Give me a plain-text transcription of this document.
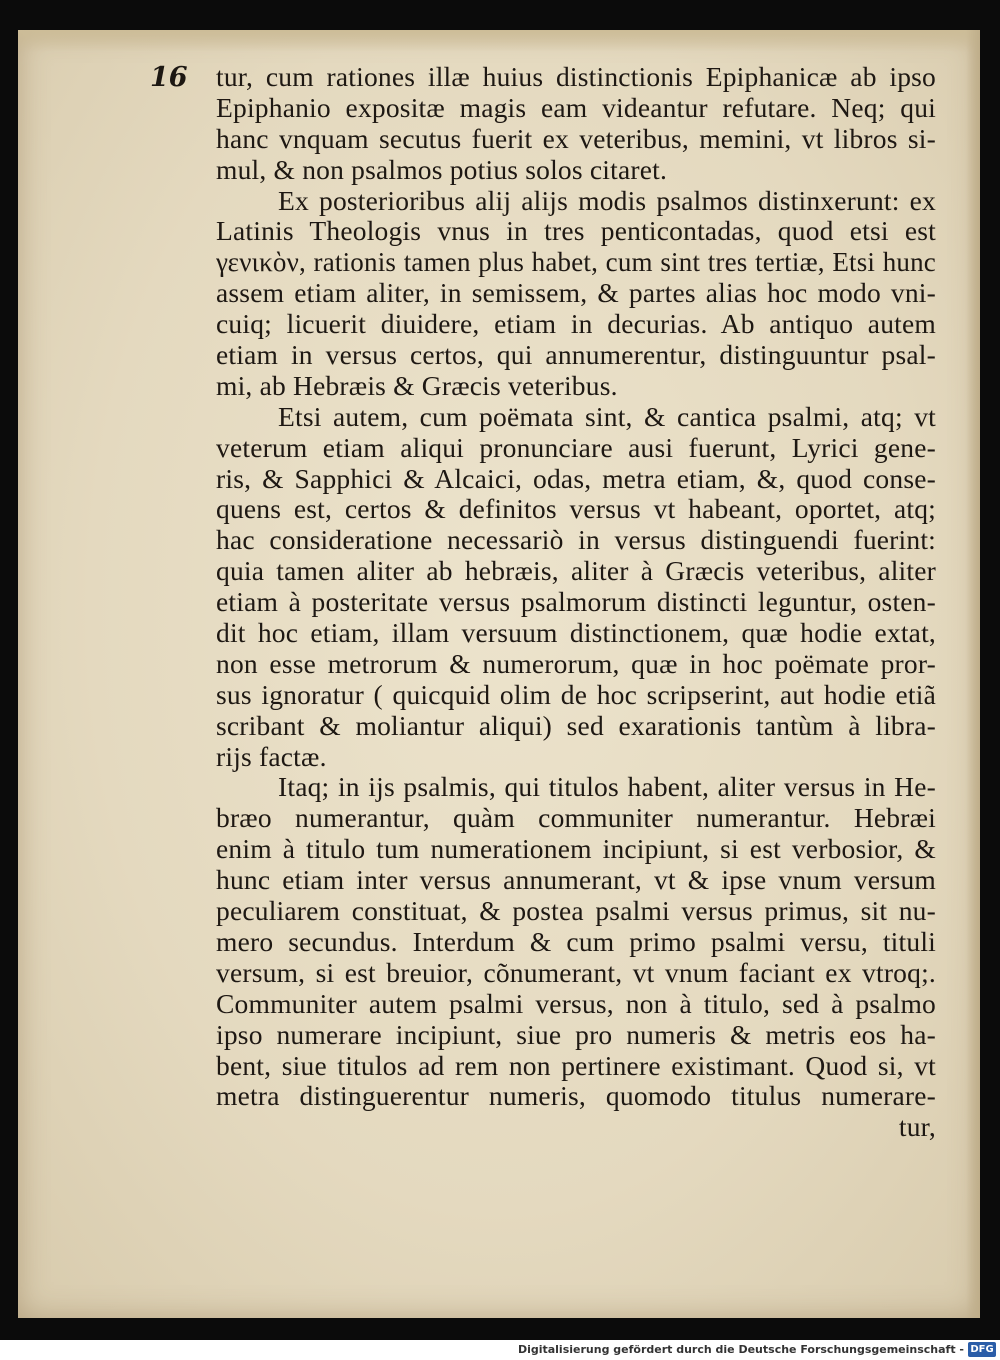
16 tur, cum rationes illæ huius distinctionis Epiphanicæ ab ipso
Epiphanio expositæ magis eam videantur refutare. Neq; qui
hanc vnquam secutus fuerit ex veteribus, memini, vt libros si-
mul, & non psalmos potius solos citaret.
Ex posterioribus alij alijs modis psalmos distinxerunt: ex
Latinis Theologis vnus in tres penticontadas, quod etsi est
γενικὸν, rationis tamen plus habet, cum sint tres tertiæ, Etsi hunc
assem etiam aliter, in semissem, & partes alias hoc modo vni-
cuiq; licuerit diuidere, etiam in decurias. Ab antiquo autem
etiam in versus certos, qui annumerentur, distinguuntur psal-
mi, ab Hebræis & Græcis veteribus.
Etsi autem, cum poëmata sint, & cantica psalmi, atq; vt
veterum etiam aliqui pronunciare ausi fuerunt, Lyrici gene-
ris, & Sapphici & Alcaici, odas, metra etiam, &, quod conse-
quens est, certos & definitos versus vt habeant, oportet, atq;
hac consideratione necessariò in versus distinguendi fuerint:
quia tamen aliter ab hebræis, aliter à Græcis veteribus, aliter
etiam à posteritate versus psalmorum distincti leguntur, osten-
dit hoc etiam, illam versuum distinctionem, quæ hodie extat,
non esse metrorum & numerorum, quæ in hoc poëmate pror-
sus ignoratur ( quicquid olim de hoc scripserint, aut hodie etiã
scribant & moliantur aliqui) sed exarationis tantùm à libra-
rijs factæ.
Itaq; in ijs psalmis, qui titulos habent, aliter versus in He-
bræo numerantur, quàm communiter numerantur. Hebræi
enim à titulo tum numerationem incipiunt, si est verbosior, &
hunc etiam inter versus annumerant, vt & ipse vnum versum
peculiarem constituat, & postea psalmi versus primus, sit nu-
mero secundus. Interdum & cum primo psalmi versu, tituli
versum, si est breuior, cõnumerant, vt vnum faciant ex vtroq;.
Communiter autem psalmi versus, non à titulo, sed à psalmo
ipso numerare incipiunt, siue pro numeris & metris eos ha-
bent, siue titulos ad rem non pertinere existimant. Quod si, vt
metra distinguerentur numeris, quomodo titulus numerare-
tur,
Digitalisierung gefördert durch die Deutsche Forschungsgemeinschaft - DFG
